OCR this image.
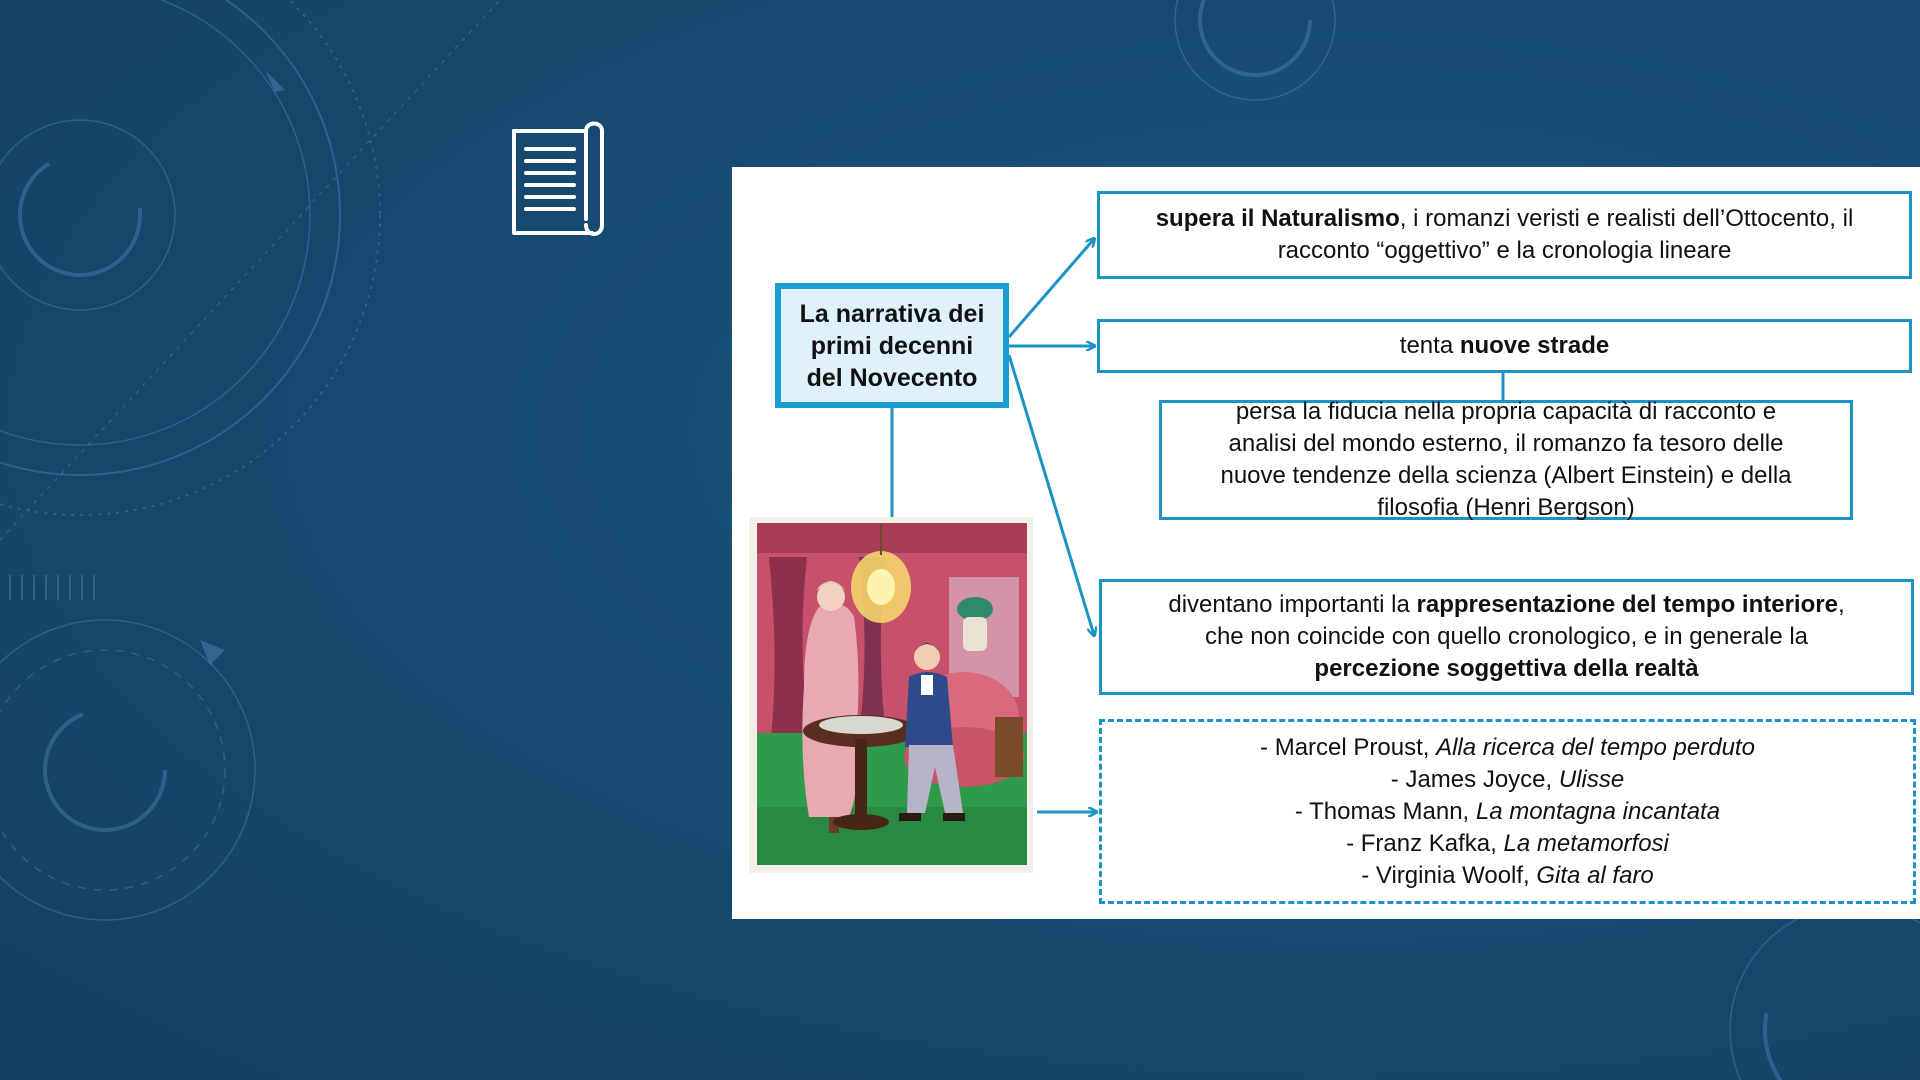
La narrativa dei
primi decenni
del Novecento
supera il Naturalismo, i romanzi veristi e realisti dell’Ottocento, il
racconto “oggettivo” e la cronologia lineare
tenta nuove strade
persa la fiducia nella propria capacità di racconto e
analisi del mondo esterno, il romanzo fa tesoro delle
nuove tendenze della scienza (Albert Einstein) e della
filosofia (Henri Bergson)
diventano importanti la rappresentazione del tempo interiore,
che non coincide con quello cronologico, e in generale la
percezione soggettiva della realtà
- Marcel Proust, Alla ricerca del tempo perduto
- James Joyce, Ulisse
- Thomas Mann, La montagna incantata
- Franz Kafka, La metamorfosi
- Virginia Woolf, Gita al faro
